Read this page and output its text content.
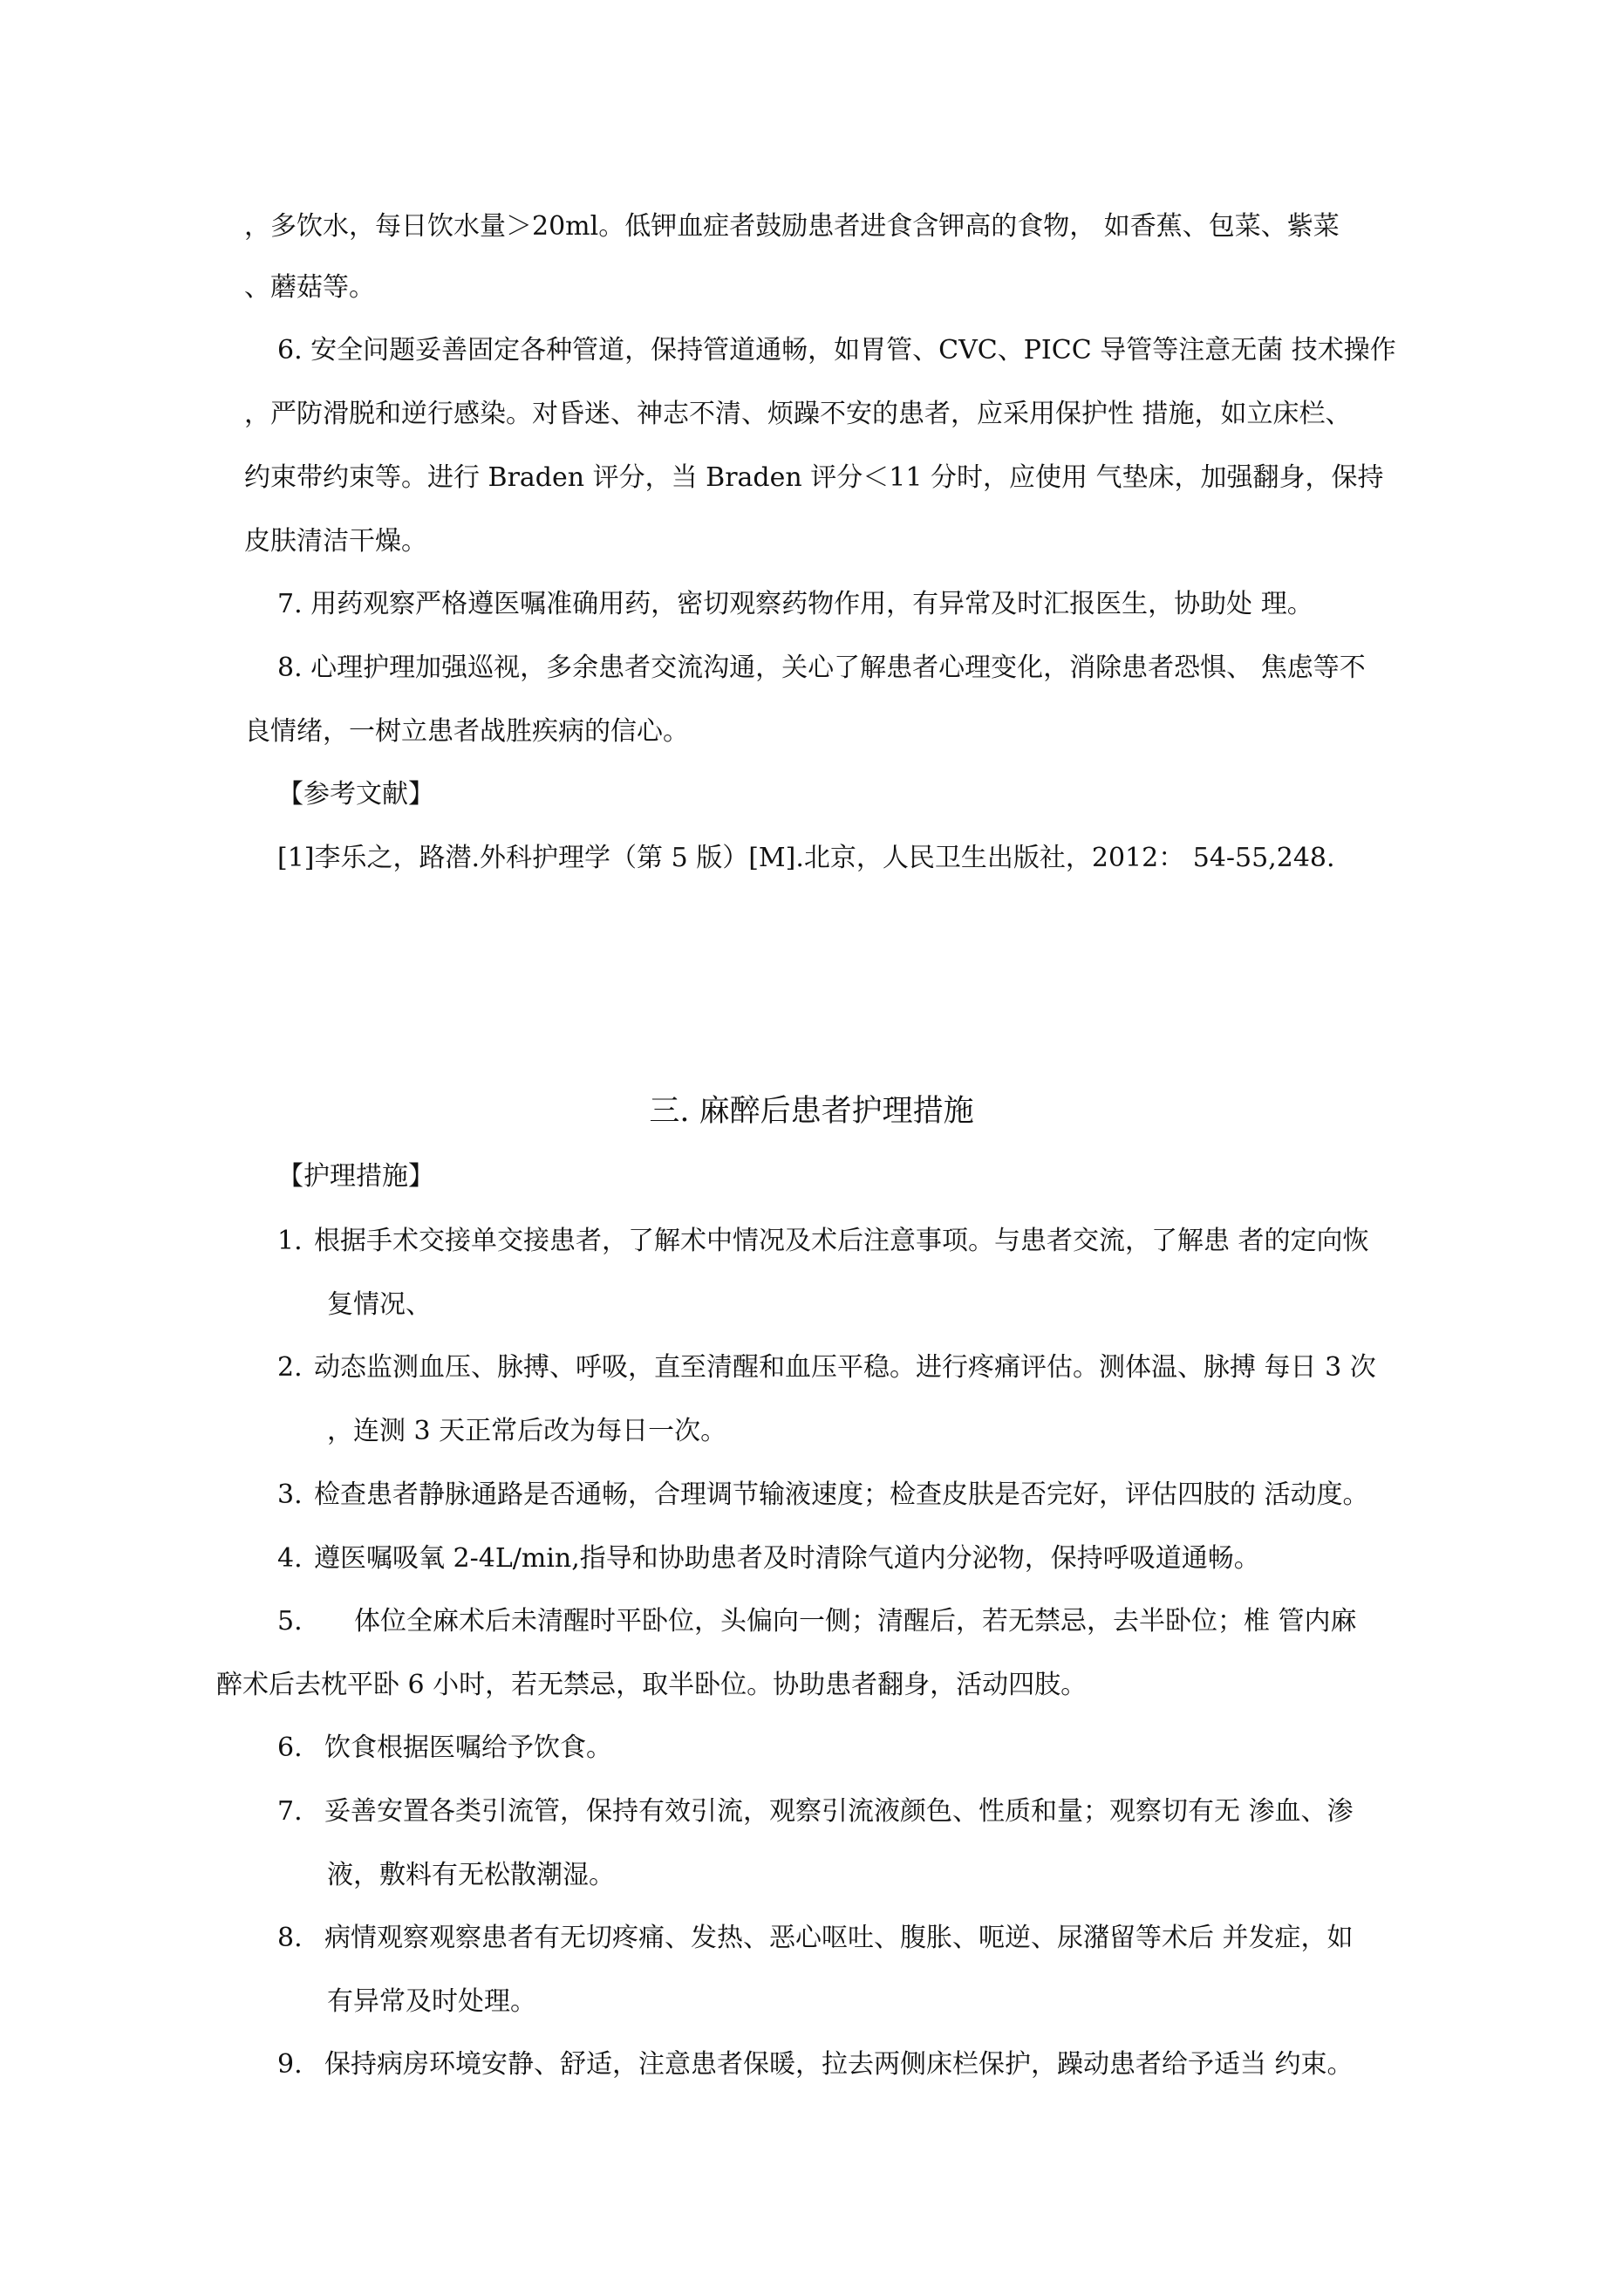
，多饮水，每日饮水量＞20ml。低钾血症者鼓励患者进食含钾高的食物， 如香蕉、包菜、紫菜
、蘑菇等。
6. 安全问题妥善固定各种管道，保持管道通畅，如胃管、CVC、PICC 导管等注意无菌 技术操作
，严防滑脱和逆行感染。对昏迷、神志不清、烦躁不安的患者，应采用保护性 措施，如立床栏、
约束带约束等。进行 Braden 评分，当 Braden 评分＜11 分时，应使用 气垫床，加强翻身，保持
皮肤清洁干燥。
7. 用药观察严格遵医嘱准确用药，密切观察药物作用，有异常及时汇报医生，协助处 理。
8. 心理护理加强巡视，多余患者交流沟通，关心了解患者心理变化，消除患者恐惧、 焦虑等不
良情绪，一树立患者战胜疾病的信心。
【参考文献】
[1]李乐之，路潜.外科护理学（第 5 版）[M].北京，人民卫生出版社，2012： 54-55,248.
三. 麻醉后患者护理措施
【护理措施】
1. 根据手术交接单交接患者，了解术中情况及术后注意事项。与患者交流，了解患 者的定向恢
复情况、
2. 动态监测血压、脉搏、呼吸，直至清醒和血压平稳。进行疼痛评估。测体温、脉搏 每日 3 次
，连测 3 天正常后改为每日一次。
3. 检查患者静脉通路是否通畅，合理调节输液速度；检查皮肤是否完好，评估四肢的 活动度。
4. 遵医嘱吸氧 2-4L/min,指导和协助患者及时清除气道内分泌物，保持呼吸道通畅。
5. 体位全麻术后未清醒时平卧位，头偏向一侧；清醒后，若无禁忌，去半卧位；椎 管内麻
醉术后去枕平卧 6 小时，若无禁忌，取半卧位。协助患者翻身，活动四肢。
6. 饮食根据医嘱给予饮食。
7. 妥善安置各类引流管，保持有效引流，观察引流液颜色、性质和量；观察切有无 渗血、渗
液，敷料有无松散潮湿。
8. 病情观察观察患者有无切疼痛、发热、恶心呕吐、腹胀、呃逆、尿潴留等术后 并发症，如
有异常及时处理。
9. 保持病房环境安静、舒适，注意患者保暖，拉去两侧床栏保护，躁动患者给予适当 约束。
